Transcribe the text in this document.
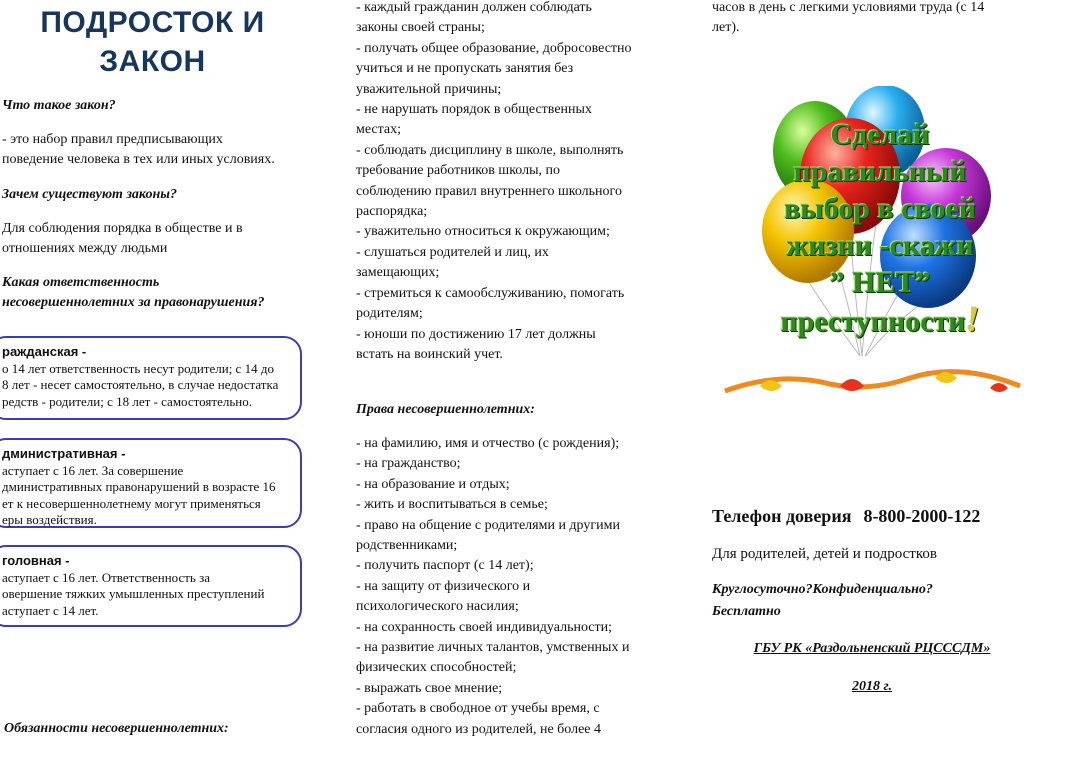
ПОДРОСТОК И
ЗАКОН
Что такое закон?
- это набор правил предписывающих
поведение человека в тех или иных условиях.
Зачем существуют законы?
Для соблюдения порядка в обществе и в
отношениях между людьми
Какая ответственность
несовершеннолетних за правонарушения?
ражданская -
о 14 лет ответственность несут родители; с 14 до
8 лет - несет самостоятельно, в случае недостатка
редств - родители; с 18 лет - самостоятельно.
дминистративная -
аступает с 16 лет. За совершение
дминистративных правонарушений в возрасте 16
ет к несовершеннолетнему могут применяться
еры воздействия.
головная -
аступает с 16 лет. Ответственность за
овершение тяжких умышленных преступлений
аступает с 14 лет.
Обязанности несовершеннолетних:
- каждый гражданин должен соблюдать
законы своей страны;
- получать общее образование, добросовестно
учиться и не пропускать занятия без
уважительной причины;
- не нарушать порядок в общественных
местах;
- соблюдать дисциплину в школе, выполнять
требование работников школы, по
соблюдению правил внутреннего школьного
распорядка;
- уважительно относиться к окружающим;
- слушаться родителей и лиц, их
замещающих;
- стремиться к самообслуживанию, помогать
родителям;
- юноши по достижению 17 лет должны
встать на воинский учет.
Права несовершеннолетних:
- на фамилию, имя и отчество (с рождения);
- на гражданство;
- на образование и отдых;
- жить и воспитываться в семье;
- право на общение с родителями и другими
родственниками;
- получить паспорт (с 14 лет);
- на защиту от физического и
психологического насилия;
- на сохранность своей индивидуальности;
- на развитие личных талантов, умственных и
физических способностей;
- выражать свое мнение;
- работать в свободное от учебы время, с
согласия одного из родителей, не более 4
часов в день с легкими условиями труда (с 14
лет).
Телефон доверия 8-800-2000-122
Для родителей, детей и подростков
Круглосуточно?Конфиденциально?
Бесплатно
ГБУ РК «Раздольненский РЦСССДМ»
2018 г.
Сделай
правильный
выбор в своей
жизни -скажи
” НЕТ”
преступности!
